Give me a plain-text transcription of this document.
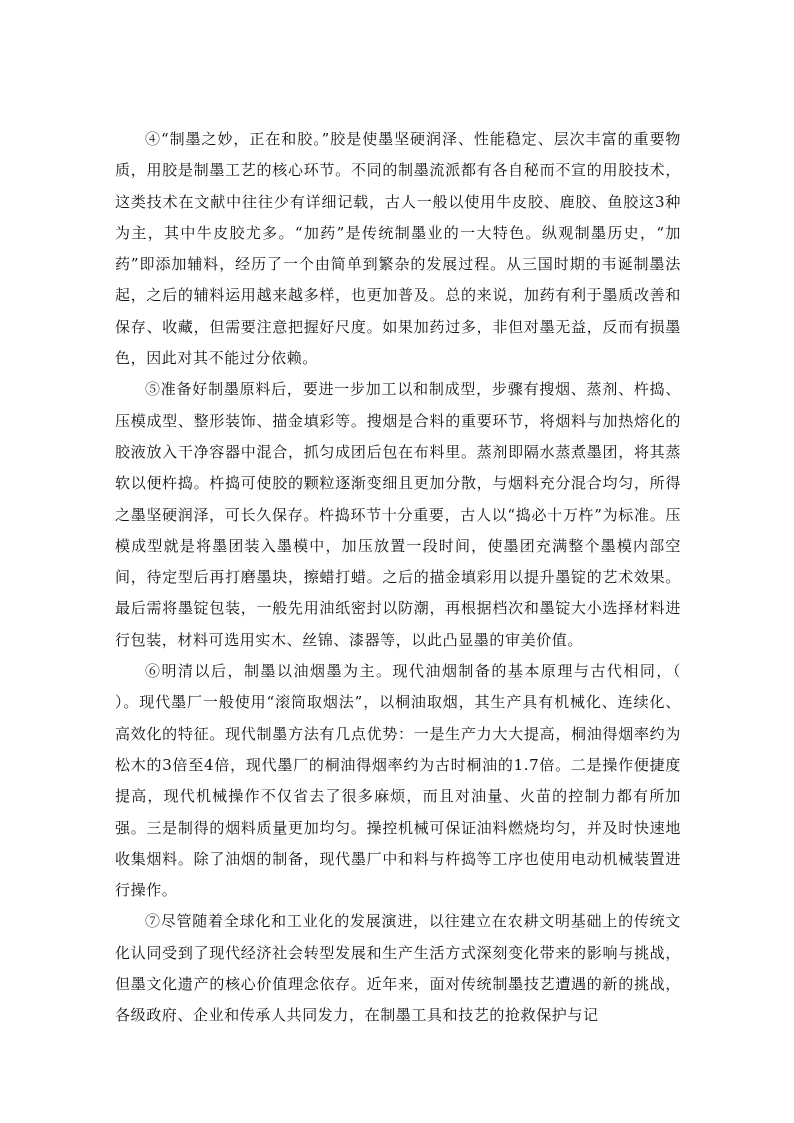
④“制墨之妙，正在和胶。”胶是使墨坚硬润泽、性能稳定、层次丰富的重要物质，用胶是制墨工艺的核心环节。不同的制墨流派都有各自秘而不宣的用胶技术，这类技术在文献中往往少有详细记载，古人一般以使用牛皮胶、鹿胶、鱼胶这3种为主，其中牛皮胶尤多。“加药”是传统制墨业的一大特色。纵观制墨历史，“加药”即添加辅料，经历了一个由简单到繁杂的发展过程。从三国时期的韦诞制墨法起，之后的辅料运用越来越多样，也更加普及。总的来说，加药有利于墨质改善和保存、收藏，但需要注意把握好尺度。如果加药过多，非但对墨无益，反而有损墨色，因此对其不能过分依赖。

⑤准备好制墨原料后，要进一步加工以和制成型，步骤有搜烟、蒸剂、杵捣、压模成型、整形装饰、描金填彩等。搜烟是合料的重要环节，将烟料与加热熔化的胶液放入干净容器中混合，抓匀成团后包在布料里。蒸剂即隔水蒸煮墨团，将其蒸软以便杵捣。杵捣可使胶的颗粒逐渐变细且更加分散，与烟料充分混合均匀，所得之墨坚硬润泽，可长久保存。杵捣环节十分重要，古人以“捣必十万杵”为标准。压模成型就是将墨团装入墨模中，加压放置一段时间，使墨团充满整个墨模内部空间，待定型后再打磨墨块，擦蜡打蜡。之后的描金填彩用以提升墨锭的艺术效果。最后需将墨锭包装，一般先用油纸密封以防潮，再根据档次和墨锭大小选择材料进行包装，材料可选用实木、丝锦、漆器等，以此凸显墨的审美价值。

⑥明清以后，制墨以油烟墨为主。现代油烟制备的基本原理与古代相同，（　　　　　）。现代墨厂一般使用“滚筒取烟法”，以桐油取烟，其生产具有机械化、连续化、高效化的特征。现代制墨方法有几点优势：一是生产力大大提高，桐油得烟率约为松木的3倍至4倍，现代墨厂的桐油得烟率约为古时桐油的1.7倍。二是操作便捷度提高，现代机械操作不仅省去了很多麻烦，而且对油量、火苗的控制力都有所加强。三是制得的烟料质量更加均匀。操控机械可保证油料燃烧均匀，并及时快速地收集烟料。除了油烟的制备，现代墨厂中和料与杵捣等工序也使用电动机械装置进行操作。

⑦尽管随着全球化和工业化的发展演进，以往建立在农耕文明基础上的传统文化认同受到了现代经济社会转型发展和生产生活方式深刻变化带来的影响与挑战，但墨文化遗产的核心价值理念依存。近年来，面对传统制墨技艺遭遇的新的挑战，各级政府、企业和传承人共同发力，在制墨工具和技艺的抢救保护与记
